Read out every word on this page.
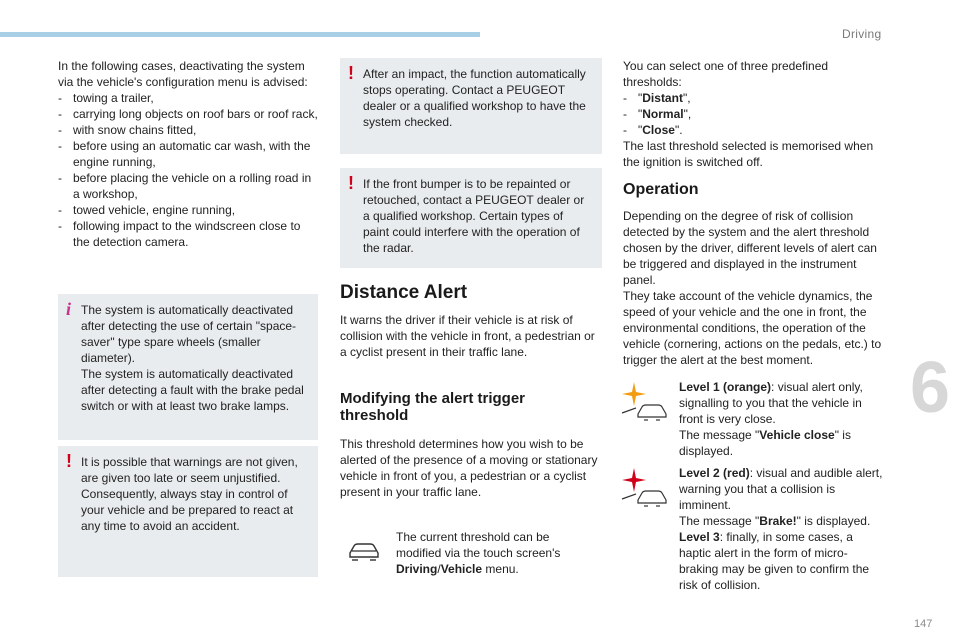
Driving
6
147

In the following cases, deactivating the system via the vehicle's configuration menu is advised:

- towing a trailer,
- carrying long objects on roof bars or roof rack,
- with snow chains fitted,
- before using an automatic car wash, with the engine running,
- before placing the vehicle on a rolling road in a workshop,
- towed vehicle, engine running,
- following impact to the windscreen close to the detection camera.
i The system is automatically deactivated after detecting the use of certain "space-saver" type spare wheels (smaller diameter).

The system is automatically deactivated after detecting a fault with the brake pedal switch or with at least two brake lamps.

! It is possible that warnings are not given, are given too late or seem unjustified. Consequently, always stay in control of your vehicle and be prepared to react at any time to avoid an accident.

! After an impact, the function automatically stops operating. Contact a PEUGEOT dealer or a qualified workshop to have the system checked.

! If the front bumper is to be repainted or retouched, contact a PEUGEOT dealer or a qualified workshop. Certain types of paint could interfere with the operation of the radar.

Distance Alert
It warns the driver if their vehicle is at risk of collision with the vehicle in front, a pedestrian or a cyclist present in their traffic lane.
Modifying the alert trigger threshold
This threshold determines how you wish to be alerted of the presence of a moving or stationary vehicle in front of you, a pedestrian or a cyclist present in your traffic lane.
The current threshold can be modified via the touch screen's
Driving/Vehicle menu.

You can select one of three predefined thresholds:

- "Distant",
- "Normal",
- "Close".

The last threshold selected is memorised when the ignition is switched off.

Operation

Depending on the degree of risk of collision detected by the system and the alert threshold chosen by the driver, different levels of alert can be triggered and displayed in the instrument panel.

They take account of the vehicle dynamics, the speed of your vehicle and the one in front, the environmental conditions, the operation of the vehicle (cornering, actions on the pedals, etc.) to trigger the alert at the best moment.

Level 1 (orange): visual alert only, signalling to you that the vehicle in front is very close.
The message "Vehicle close" is displayed.
Level 2 (red): visual and audible alert, warning you that a collision is imminent.
The message "Brake!" is displayed.
Level 3: finally, in some cases, a haptic alert in the form of micro-braking may be given to confirm the risk of collision.
